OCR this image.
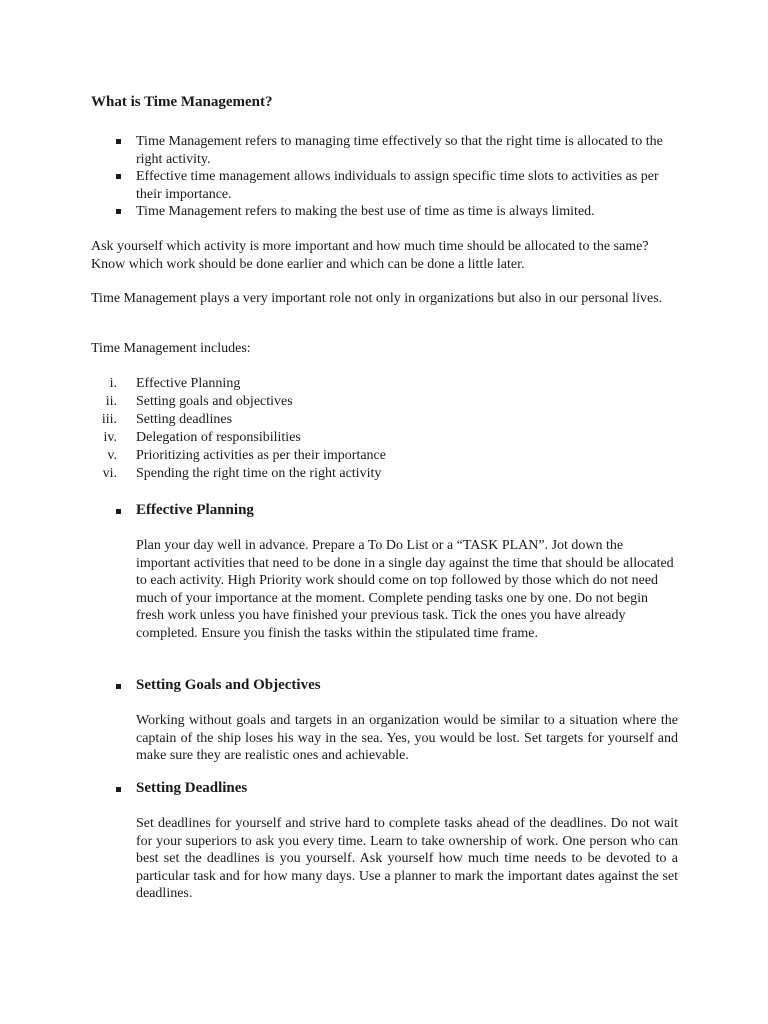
What is Time Management?
Time Management refers to managing time effectively so that the right time is allocated to the right activity.
Effective time management allows individuals to assign specific time slots to activities as per their importance.
Time Management refers to making the best use of time as time is always limited.

Ask yourself which activity is more important and how much time should be allocated to the same? Know which work should be done earlier and which can be done a little later.

Time Management plays a very important role not only in organizations but also in our personal lives.

Time Management includes:

i. Effective Planning
ii. Setting goals and objectives
iii. Setting deadlines
iv. Delegation of responsibilities
v. Prioritizing activities as per their importance
vi. Spending the right time on the right activity
Effective Planning

Plan your day well in advance. Prepare a To Do List or a “TASK PLAN”. Jot down the important activities that need to be done in a single day against the time that should be allocated to each activity. High Priority work should come on top followed by those which do not need much of your importance at the moment. Complete pending tasks one by one. Do not begin fresh work unless you have finished your previous task. Tick the ones you have already completed. Ensure you finish the tasks within the stipulated time frame.

Setting Goals and Objectives

Working without goals and targets in an organization would be similar to a situation where the captain of the ship loses his way in the sea. Yes, you would be lost. Set targets for yourself and make sure they are realistic ones and achievable.

Setting Deadlines

Set deadlines for yourself and strive hard to complete tasks ahead of the deadlines. Do not wait for your superiors to ask you every time. Learn to take ownership of work. One person who can best set the deadlines is you yourself. Ask yourself how much time needs to be devoted to a particular task and for how many days. Use a planner to mark the important dates against the set deadlines.
